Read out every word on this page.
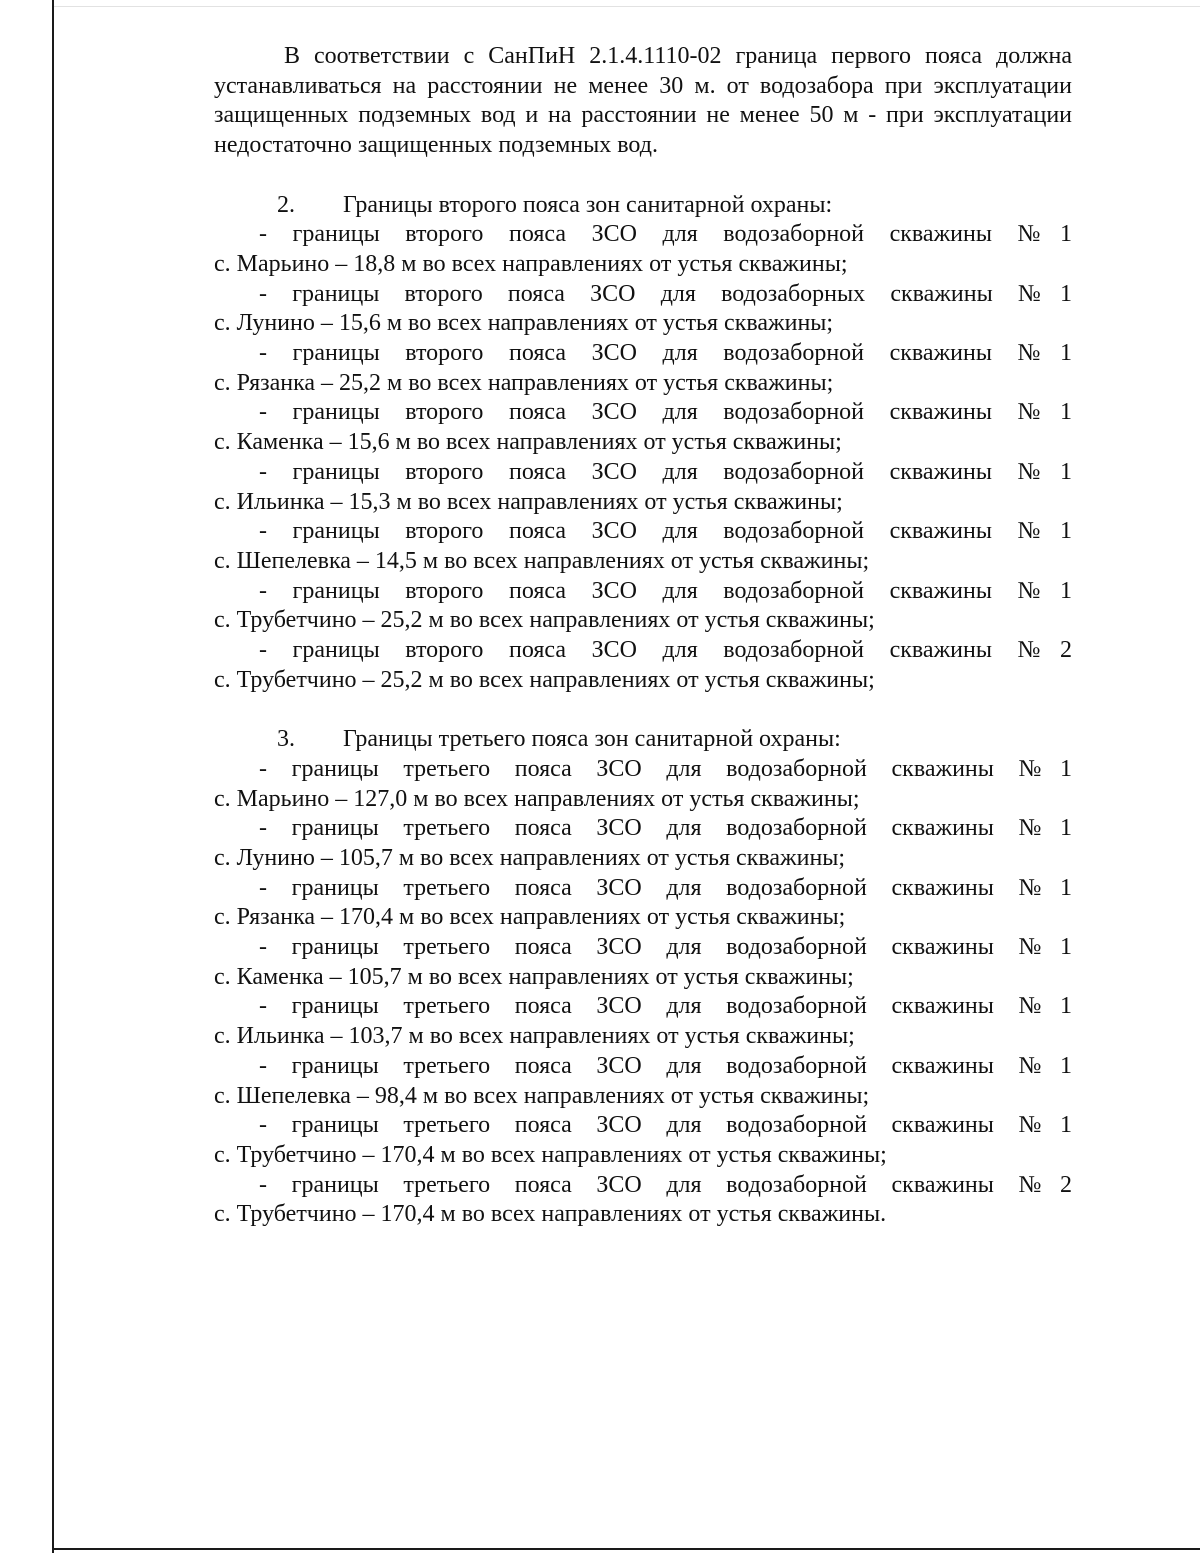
В соответствии с СанПиН 2.1.4.1110-02 граница первого пояса должна устанавливаться на расстоянии не менее 30 м. от водозабора при эксплуатации защищенных подземных вод и на расстоянии не менее 50 м - при эксплуатации недостаточно защищенных подземных вод.

2. Границы второго пояса зон санитарной охраны:

- границы второго пояса ЗСО для водозаборной скважины №1
с. Марьино – 18,8 м во всех направлениях от устья скважины;

- границы второго пояса ЗСО для водозаборных скважины №1
с. Лунино – 15,6 м во всех направлениях от устья скважины;

- границы второго пояса ЗСО для водозаборной скважины №1
с. Рязанка – 25,2 м во всех направлениях от устья скважины;

- границы второго пояса ЗСО для водозаборной скважины №1
с. Каменка – 15,6 м во всех направлениях от устья скважины;

- границы второго пояса ЗСО для водозаборной скважины №1
с. Ильинка – 15,3 м во всех направлениях от устья скважины;

- границы второго пояса ЗСО для водозаборной скважины №1
с. Шепелевка – 14,5 м во всех направлениях от устья скважины;

- границы второго пояса ЗСО для водозаборной скважины №1
с. Трубетчино – 25,2 м во всех направлениях от устья скважины;

- границы второго пояса ЗСО для водозаборной скважины №2
с. Трубетчино – 25,2 м во всех направлениях от устья скважины;

3. Границы третьего пояса зон санитарной охраны:

- границы третьего пояса ЗСО для водозаборной скважины №1
с. Марьино – 127,0 м во всех направлениях от устья скважины;

- границы третьего пояса ЗСО для водозаборной скважины №1
с. Лунино – 105,7 м во всех направлениях от устья скважины;

- границы третьего пояса ЗСО для водозаборной скважины №1
с. Рязанка – 170,4 м во всех направлениях от устья скважины;

- границы третьего пояса ЗСО для водозаборной скважины №1
с. Каменка – 105,7 м во всех направлениях от устья скважины;

- границы третьего пояса ЗСО для водозаборной скважины №1
с. Ильинка – 103,7 м во всех направлениях от устья скважины;

- границы третьего пояса ЗСО для водозаборной скважины №1
с. Шепелевка – 98,4 м во всех направлениях от устья скважины;

- границы третьего пояса ЗСО для водозаборной скважины №1
с. Трубетчино – 170,4 м во всех направлениях от устья скважины;

- границы третьего пояса ЗСО для водозаборной скважины №2
с. Трубетчино – 170,4 м во всех направлениях от устья скважины.
